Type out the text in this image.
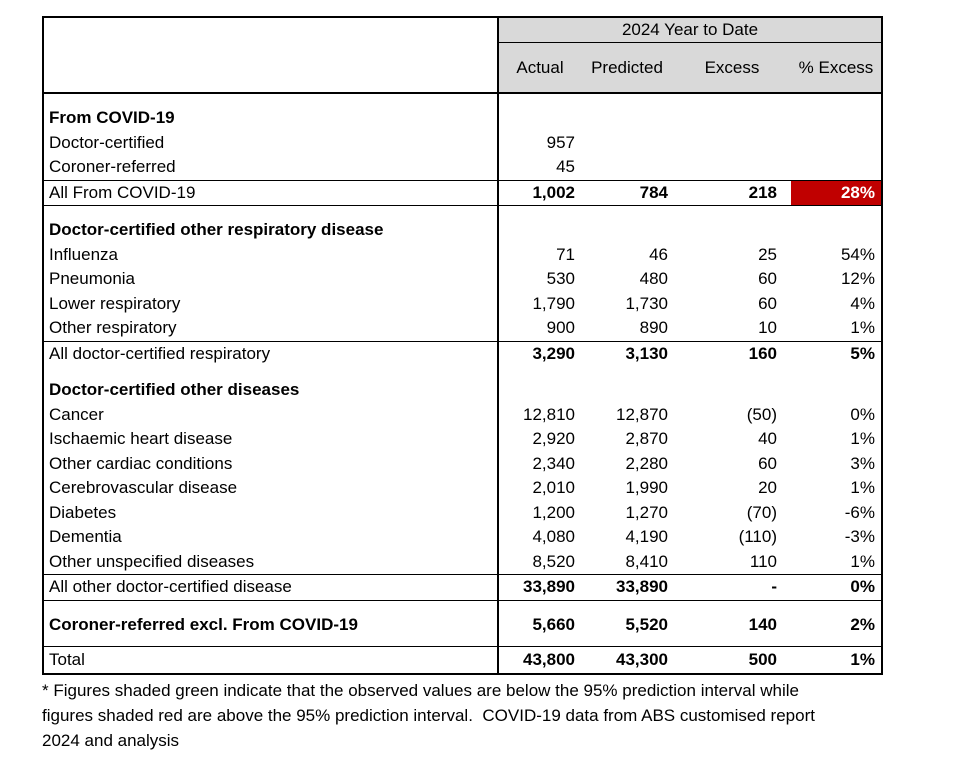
	2024 Year to Date			
	Actual	Predicted	Excess	% Excess

From COVID-19				
Doctor-certified	957			
Coroner-referred	45			
All From COVID-19	1,002	784	218	28%

Doctor-certified other respiratory disease				
Influenza	71	46	25	54%
Pneumonia	530	480	60	12%
Lower respiratory	1,790	1,730	60	4%
Other respiratory	900	890	10	1%
All doctor-certified respiratory	3,290	3,130	160	5%

Doctor-certified other diseases				
Cancer	12,810	12,870	(50)	0%
Ischaemic heart disease	2,920	2,870	40	1%
Other cardiac conditions	2,340	2,280	60	3%
Cerebrovascular disease	2,010	1,990	20	1%
Diabetes	1,200	1,270	(70)	-6%
Dementia	4,080	4,190	(110)	-3%
Other unspecified diseases	8,520	8,410	110	1%
All other doctor-certified disease	33,890	33,890	-	0%

Coroner-referred excl. From COVID-19	5,660	5,520	140	2%

Total	43,800	43,300	500	1%
* Figures shaded green indicate that the observed values are below the 95% prediction interval while figures shaded red are above the 95% prediction interval.  COVID-19 data from ABS customised report 2024 and analysis
